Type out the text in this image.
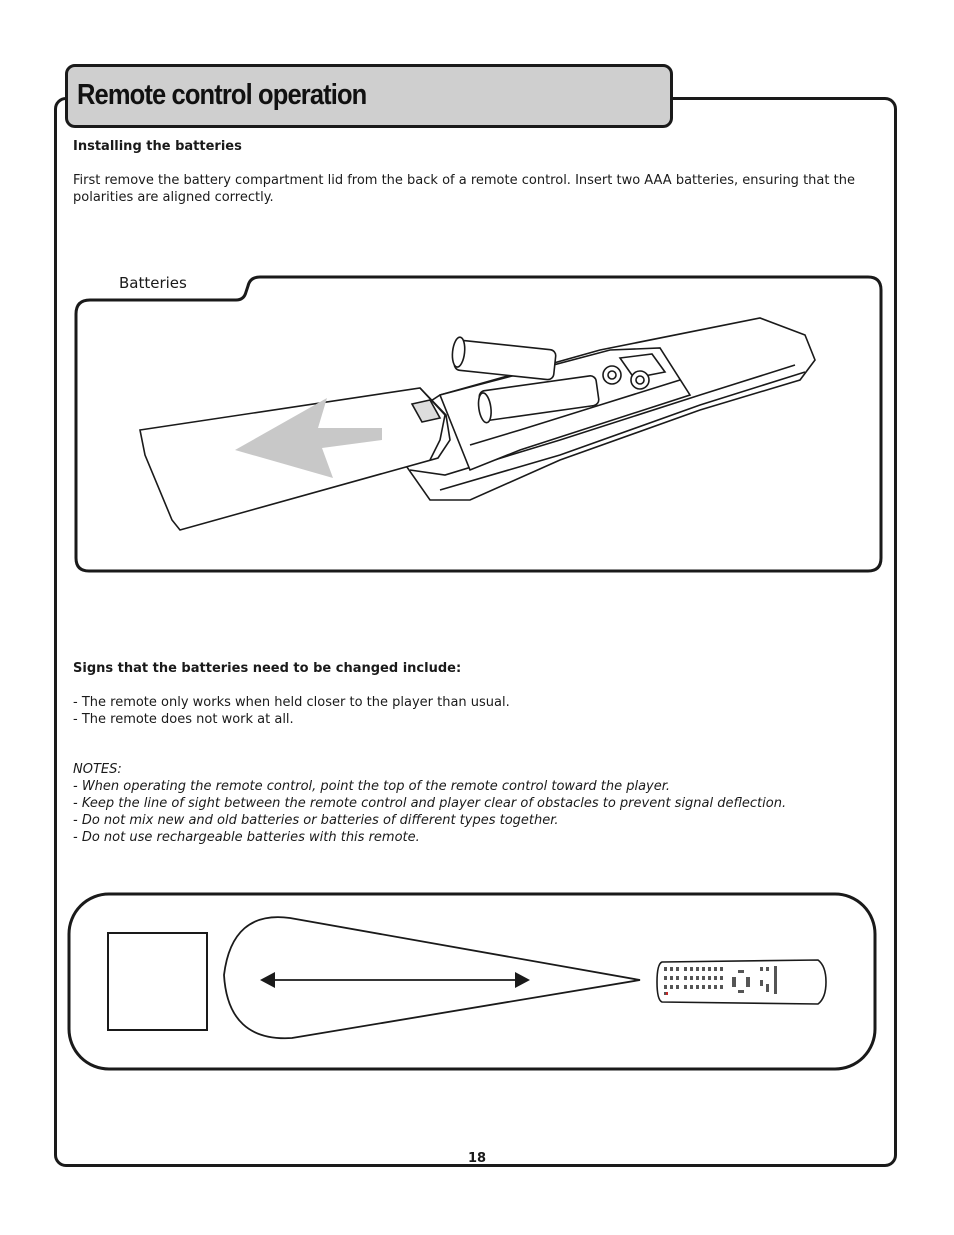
Remote control operation
Installing the batteries
First remove the battery compartment lid from the back of a remote control. Insert two AAA batteries, ensuring that the
polarities are aligned correctly.
Batteries
Signs that the batteries need to be changed include:
- The remote only works when held closer to the player than usual.
- The remote does not work at all.
NOTES:
- When operating the remote control, point the top of the remote control toward the player.
- Keep the line of sight between the remote control and player clear of obstacles to prevent signal deflection.
- Do not mix new and old batteries or batteries of different types together.
- Do not use rechargeable batteries with this remote.
18
